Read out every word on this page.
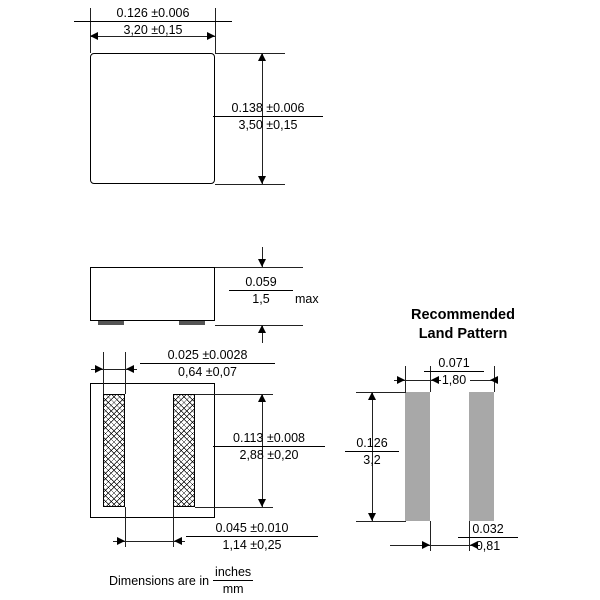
0.126 ±0.006
3,20 ±0,15
0.138 ±0.006
3,50 ±0,15
0.059
1,5	max
0.025 ±0.0028
0,64 ±0,07
0.113 ±0.008
2,88 ±0,20
0.045 ±0.010
1,14 ±0,25
Dimensions are in $\frac{\text{inches}}{mm}$
Recommended
Land Pattern
0.071
1,80
0.126
3,2
0.032
0,81
